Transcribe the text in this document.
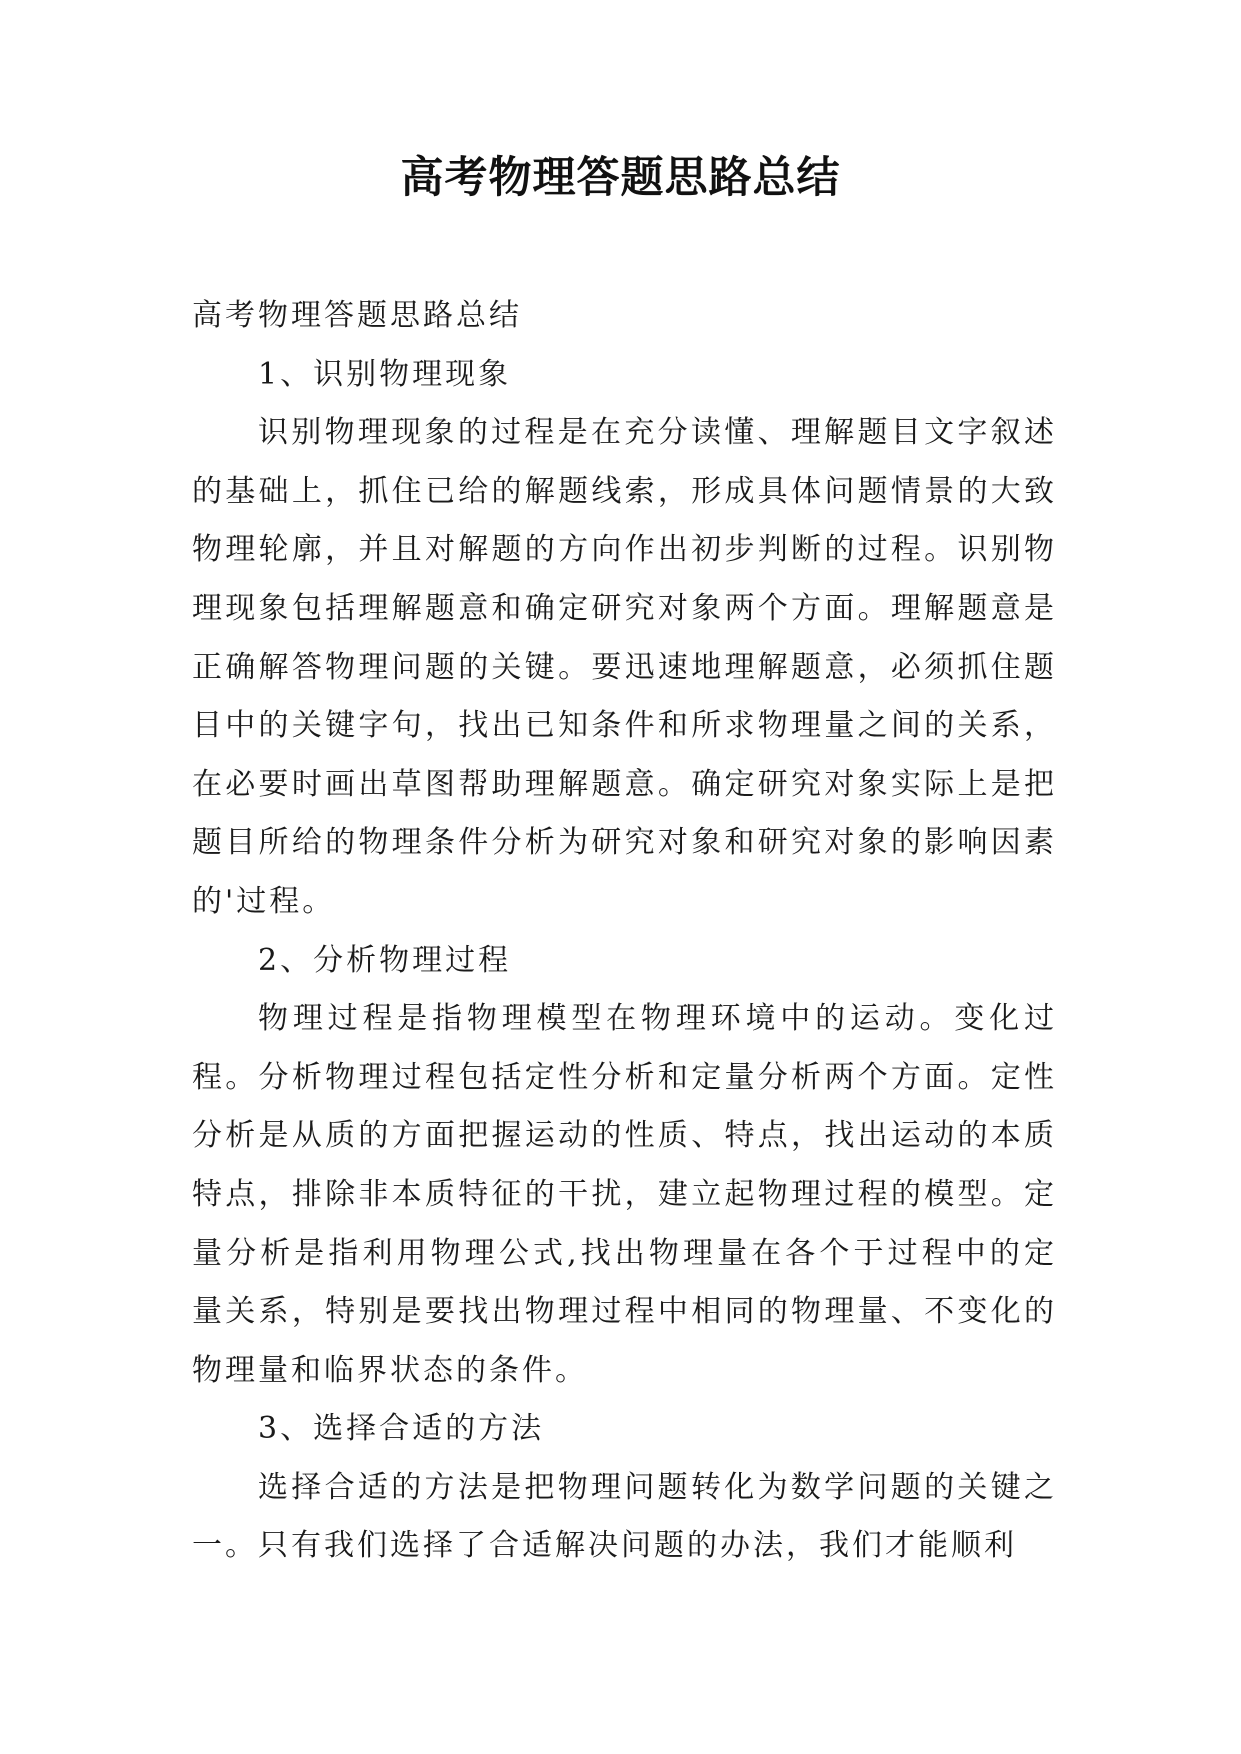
高考物理答题思路总结

高考物理答题思路总结

1、识别物理现象

识别物理现象的过程是在充分读懂、理解题目文字叙述的基础上，抓住已给的解题线索，形成具体问题情景的大致物理轮廓，并且对解题的方向作出初步判断的过程。识别物理现象包括理解题意和确定研究对象两个方面。理解题意是正确解答物理问题的关键。要迅速地理解题意，必须抓住题目中的关键字句，找出已知条件和所求物理量之间的关系，在必要时画出草图帮助理解题意。确定研究对象实际上是把题目所给的物理条件分析为研究对象和研究对象的影响因素的'过程。

2、分析物理过程

物理过程是指物理模型在物理环境中的运动。变化过程。分析物理过程包括定性分析和定量分析两个方面。定性分析是从质的方面把握运动的性质、特点，找出运动的本质特点，排除非本质特征的干扰，建立起物理过程的模型。定量分析是指利用物理公式,找出物理量在各个于过程中的定量关系，特别是要找出物理过程中相同的物理量、不变化的物理量和临界状态的条件。

3、选择合适的方法

选择合适的方法是把物理问题转化为数学问题的关键之一。只有我们选择了合适解决问题的办法，我们才能顺利
